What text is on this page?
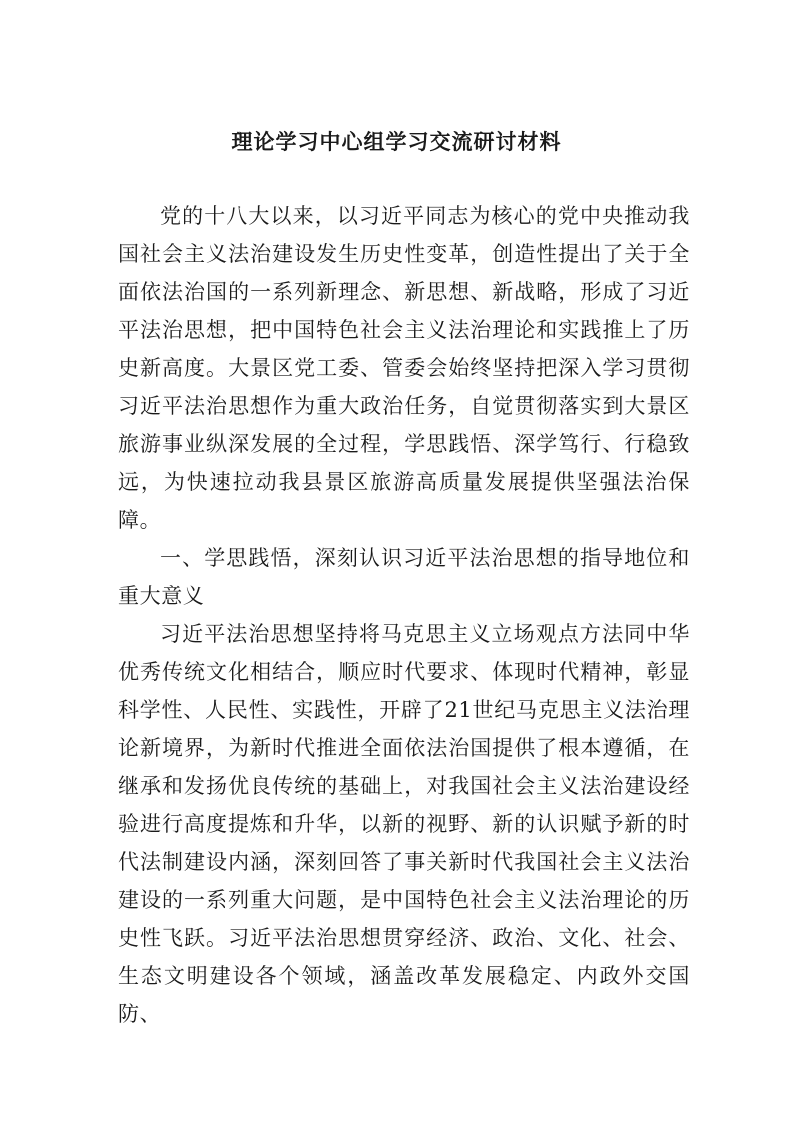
理论学习中心组学习交流研讨材料

党的十八大以来，以习近平同志为核心的党中央推动我国社会主义法治建设发生历史性变革，创造性提出了关于全面依法治国的一系列新理念、新思想、新战略，形成了习近平法治思想，把中国特色社会主义法治理论和实践推上了历史新高度。大景区党工委、管委会始终坚持把深入学习贯彻习近平法治思想作为重大政治任务，自觉贯彻落实到大景区旅游事业纵深发展的全过程，学思践悟、深学笃行、行稳致远，为快速拉动我县景区旅游高质量发展提供坚强法治保障。

一、学思践悟，深刻认识习近平法治思想的指导地位和重大意义

习近平法治思想坚持将马克思主义立场观点方法同中华优秀传统文化相结合，顺应时代要求、体现时代精神，彰显科学性、人民性、实践性，开辟了21世纪马克思主义法治理论新境界，为新时代推进全面依法治国提供了根本遵循，在继承和发扬优良传统的基础上，对我国社会主义法治建设经验进行高度提炼和升华，以新的视野、新的认识赋予新的时代法制建设内涵，深刻回答了事关新时代我国社会主义法治建设的一系列重大问题，是中国特色社会主义法治理论的历史性飞跃。习近平法治思想贯穿经济、政治、文化、社会、生态文明建设各个领域，涵盖改革发展稳定、内政外交国防、
